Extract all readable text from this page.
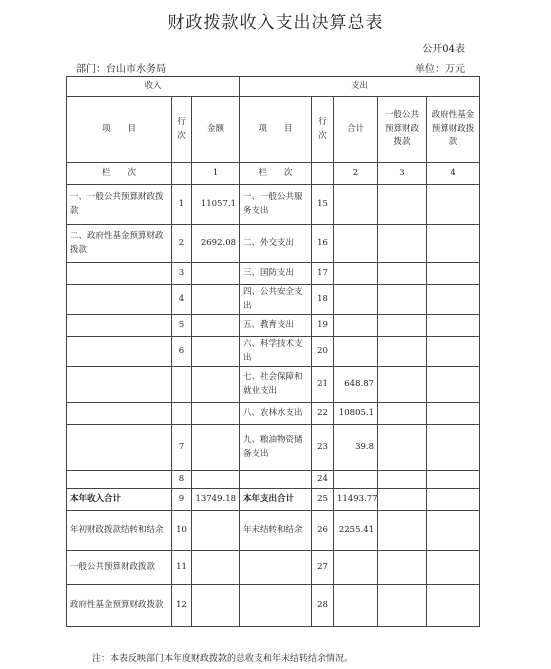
财政拨款收入支出决算总表
公开04表
部门：台山市水务局	单位：万元
收入			支出				
项　　目	行次	金额	项　　目	行次	合计	一般公共预算财政拨款	政府性基金预算财政拨款
栏　　次		1	栏　　次		2	3	4
一、一般公共预算财政拨款	1	11057.1	一、一般公共服务支出	15			
二、政府性基金预算财政拨款	2	2692.08	二、外交支出	16			
	3		三、国防支出	17			
	4		四、公共安全支出	18			
	5		五、教育支出	19			
	6		六、科学技术支出	20			
			七、社会保障和就业支出	21	648.87		
			八、农林水支出	22	10805.1		
	7		九、粮油物资储备支出	23	39.8		
	8			24			
本年收入合计	9	13749.18	本年支出合计	25	11493.77		
年初财政拨款结转和结余	10		年末结转和结余	26	2255.41		
一般公共预算财政拨款	11			27			
政府性基金预算财政拨款	12			28			
注：本表反映部门本年度财政拨款的总收支和年末结转结余情况。
